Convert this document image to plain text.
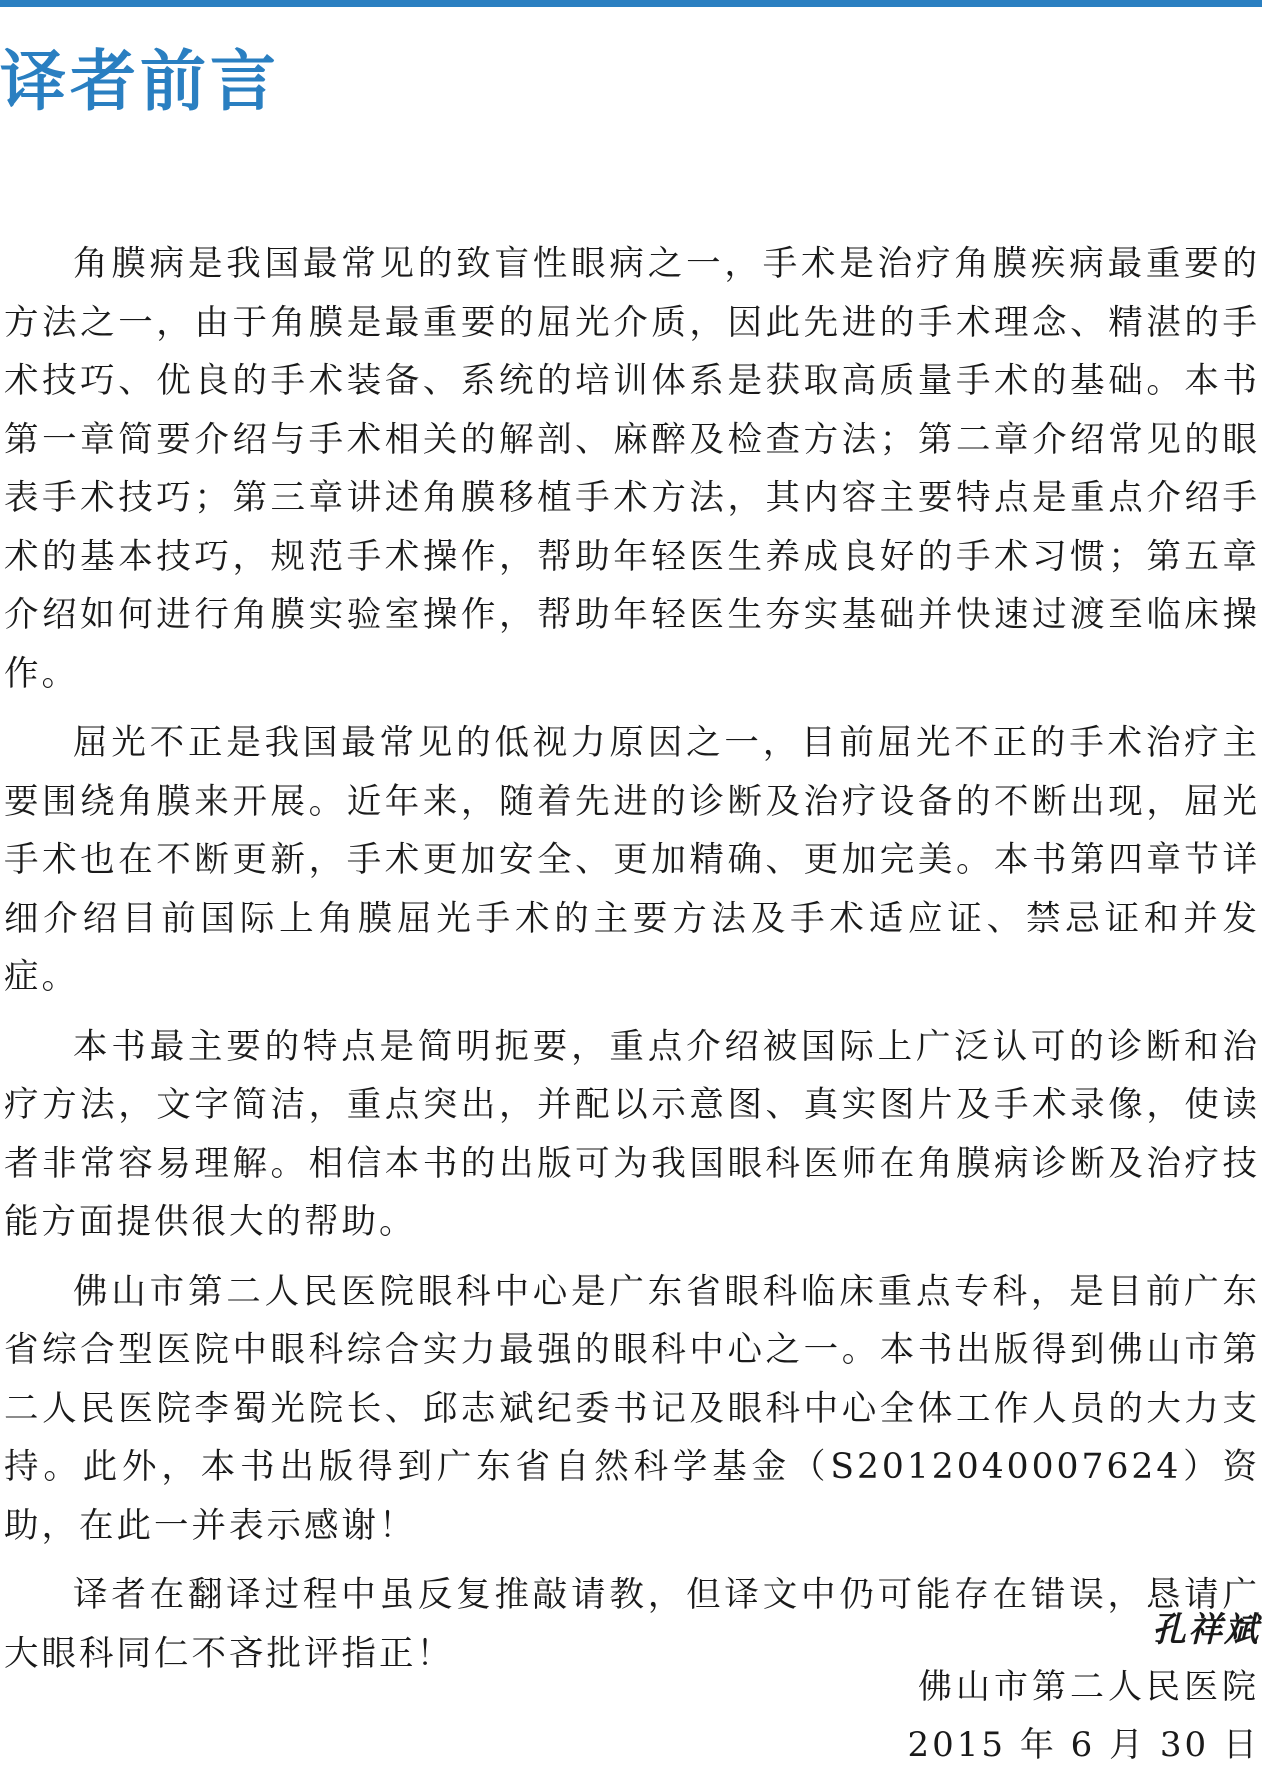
译者前言

角膜病是我国最常见的致盲性眼病之一，手术是治疗角膜疾病最重要的方法之一，由于角膜是最重要的屈光介质，因此先进的手术理念、精湛的手术技巧、优良的手术装备、系统的培训体系是获取高质量手术的基础。本书第一章简要介绍与手术相关的解剖、麻醉及检查方法；第二章介绍常见的眼表手术技巧；第三章讲述角膜移植手术方法，其内容主要特点是重点介绍手术的基本技巧，规范手术操作，帮助年轻医生养成良好的手术习惯；第五章介绍如何进行角膜实验室操作，帮助年轻医生夯实基础并快速过渡至临床操作。

屈光不正是我国最常见的低视力原因之一，目前屈光不正的手术治疗主要围绕角膜来开展。近年来，随着先进的诊断及治疗设备的不断出现，屈光手术也在不断更新，手术更加安全、更加精确、更加完美。本书第四章节详细介绍目前国际上角膜屈光手术的主要方法及手术适应证、禁忌证和并发症。

本书最主要的特点是简明扼要，重点介绍被国际上广泛认可的诊断和治疗方法，文字简洁，重点突出，并配以示意图、真实图片及手术录像，使读者非常容易理解。相信本书的出版可为我国眼科医师在角膜病诊断及治疗技能方面提供很大的帮助。

佛山市第二人民医院眼科中心是广东省眼科临床重点专科，是目前广东省综合型医院中眼科综合实力最强的眼科中心之一。本书出版得到佛山市第二人民医院李蜀光院长、邱志斌纪委书记及眼科中心全体工作人员的大力支持。此外，本书出版得到广东省自然科学基金（S2012040007624）资助，在此一并表示感谢！

译者在翻译过程中虽反复推敲请教，但译文中仍可能存在错误，恳请广大眼科同仁不吝批评指正！

孔祥斌
佛山市第二人民医院
2015 年 6 月 30 日
